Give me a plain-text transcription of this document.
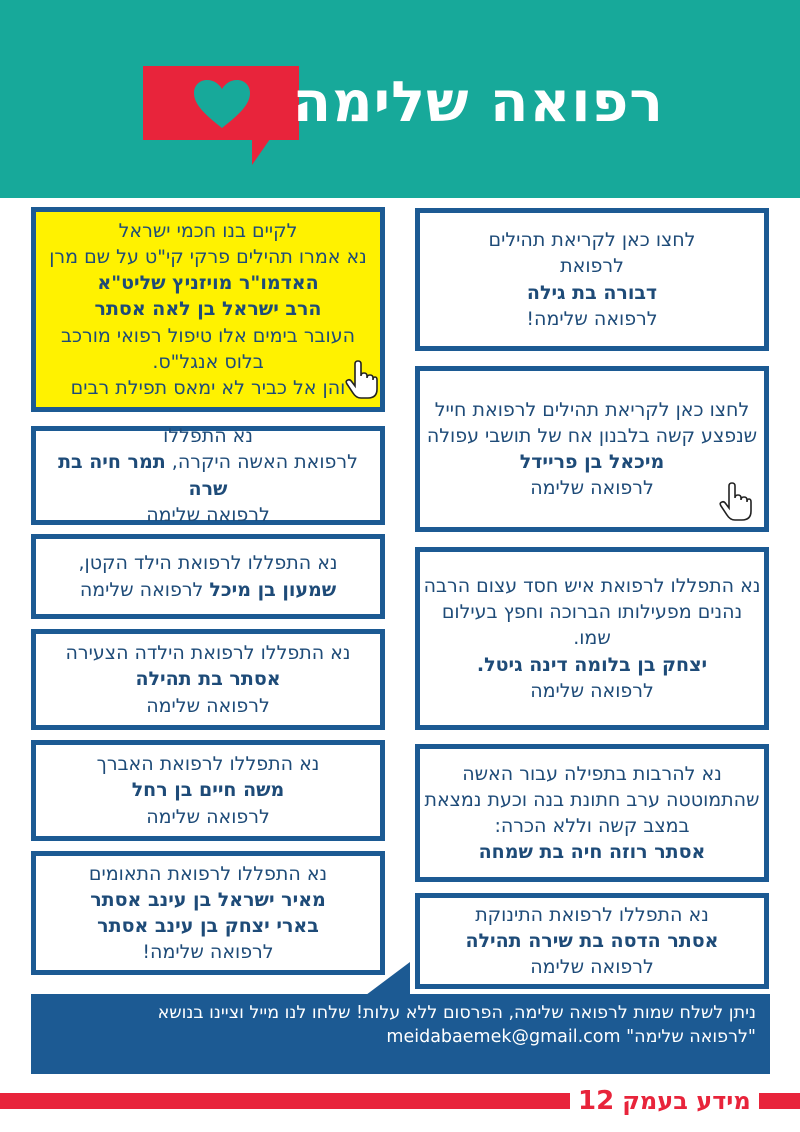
רפואה שלימה
לקיים בנו חכמי ישראל
נא אמרו תהילים פרקי קי"ט על שם מרן
האדמו"ר מויזניץ שליט"א
הרב ישראל בן לאה אסתר
העובר בימים אלו טיפול רפואי מורכב
בלוס אנגל"ס.
והן אל כביר לא ימאס תפילת רבים
לחצו כאן לקריאת תהילים
לרפואת
דבורה בת גילה
לרפואה שלימה!
לחצו כאן לקריאת תהילים לרפואת חייל
שנפצע קשה בלבנון אח של תושבי עפולה
מיכאל בן פריידל
לרפואה שלימה
נא התפללו
לרפואת האשה היקרה, תמר חיה בת שרה
לרפואה שלימה
נא התפללו לרפואת הילד הקטן,
שמעון בן מיכל לרפואה שלימה	נא התפללו לרפואת איש חסד עצום הרבה
נהנים מפעילותו הברוכה וחפץ בעילום
שמו.
יצחק בן בלומה דינה גיטל.
לרפואה שלימה
נא התפללו לרפואת הילדה הצעירה
אסתר בת תהילה
לרפואה שלימה
נא התפללו לרפואת האברך
משה חיים בן רחל
לרפואה שלימה
נא להרבות בתפילה עבור האשה
שהתמוטטה ערב חתונת בנה וכעת נמצאת
במצב קשה וללא הכרה:
אסתר רוזה חיה בת שמחה
נא התפללו לרפואת התאומים
מאיר ישראל בן עינב אסתר
בארי יצחק בן עינב אסתר
לרפואה שלימה!
נא התפללו לרפואת התינוקת
אסתר הדסה בת שירה תהילה
לרפואה שלימה
ניתן לשלח שמות לרפואה שלימה, הפרסום ללא עלות! שלחו לנו מייל וציינו בנושא
"לרפואה שלימה" meidabaemek@gmail.com
מידע בעמק
12
